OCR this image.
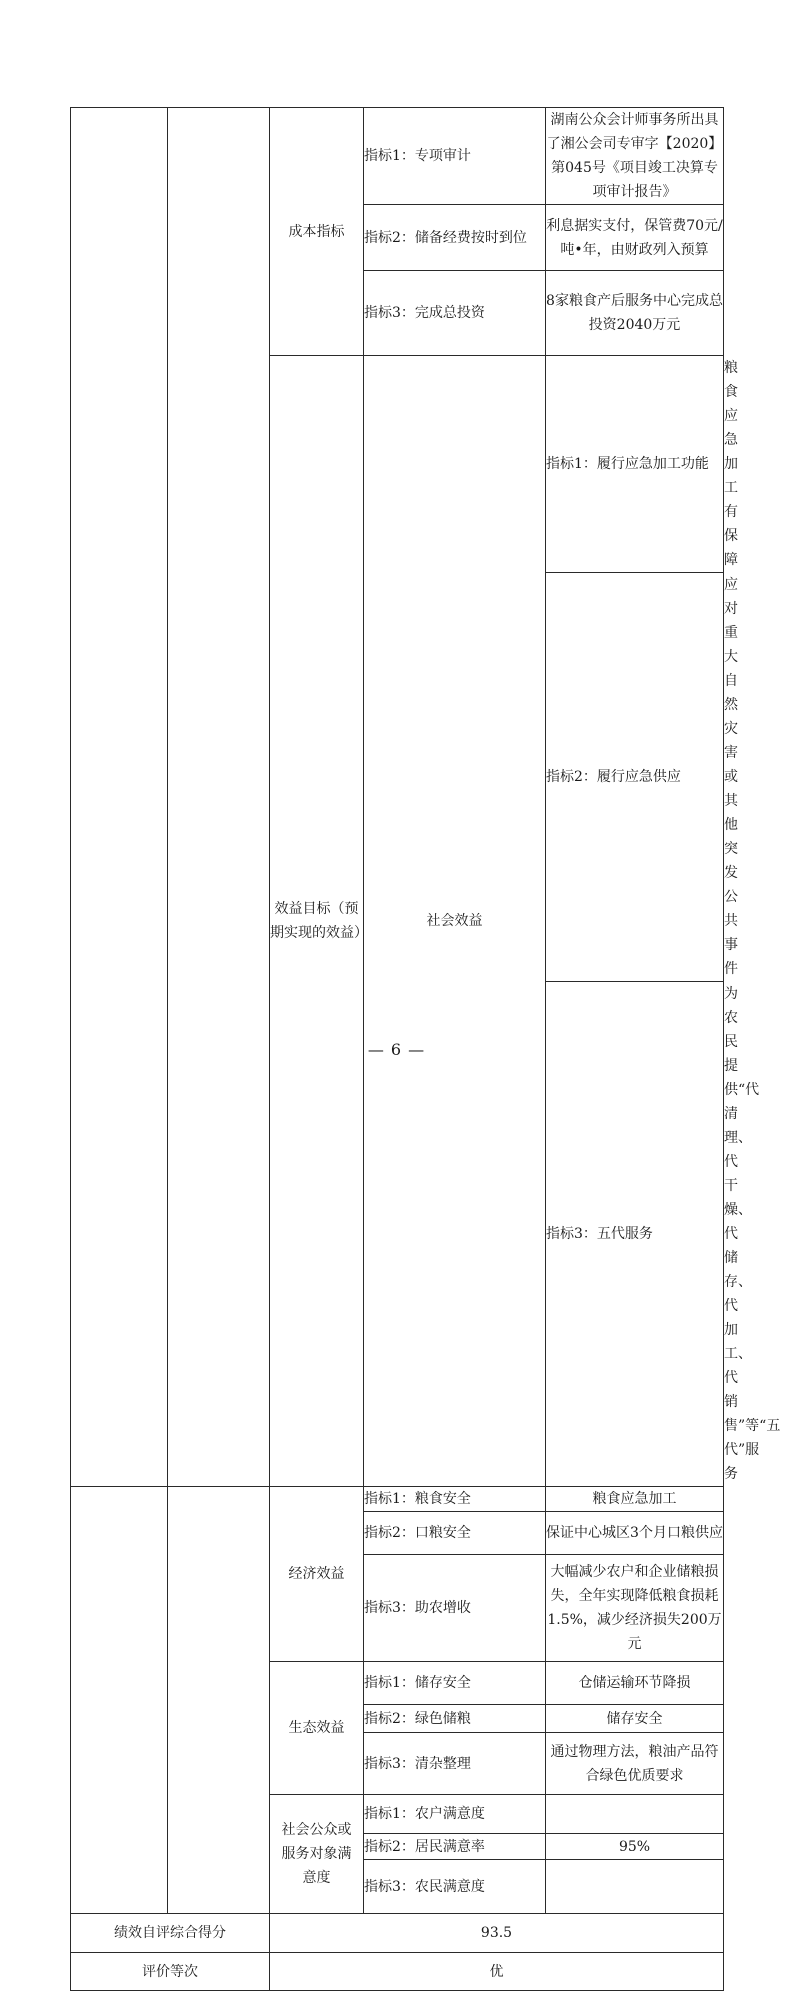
		成本指标	指标1：专项审计	湖南公众会计师事务所出具了湘公会司专审字【2020】第045号《项目竣工决算专项审计报告》	
			指标2：储备经费按时到位	利息据实支付，保管费70元/吨•年，由财政列入预算	
			指标3：完成总投资	8家粮食产后服务中心完成总投资2040万元	
		效益目标（预期实现的效益）	社会效益	指标1：履行应急加工功能	粮食应急加工有保障
				指标2：履行应急供应	应对重大自然灾害或其他突发公共事件
				指标3：五代服务	为农民提供“代清理、代干燥、代储存、代加工、代销售”等“五代”服务
		经济效益	指标1：粮食安全	粮食应急加工	
			指标2：口粮安全	保证中心城区3个月口粮供应	
			指标3：助农增收	大幅减少农户和企业储粮损失，全年实现降低粮食损耗1.5%，减少经济损失200万元	
		生态效益	指标1：储存安全	仓储运输环节降损	
			指标2：绿色储粮	储存安全	
			指标3：清杂整理	通过物理方法，粮油产品符合绿色优质要求	
		社会公众或服务对象满意度	指标1：农户满意度		
			指标2：居民满意率	95%	
			指标3：农民满意度		
绩效自评综合得分		93.5			
评价等次		优			
— 6 —
